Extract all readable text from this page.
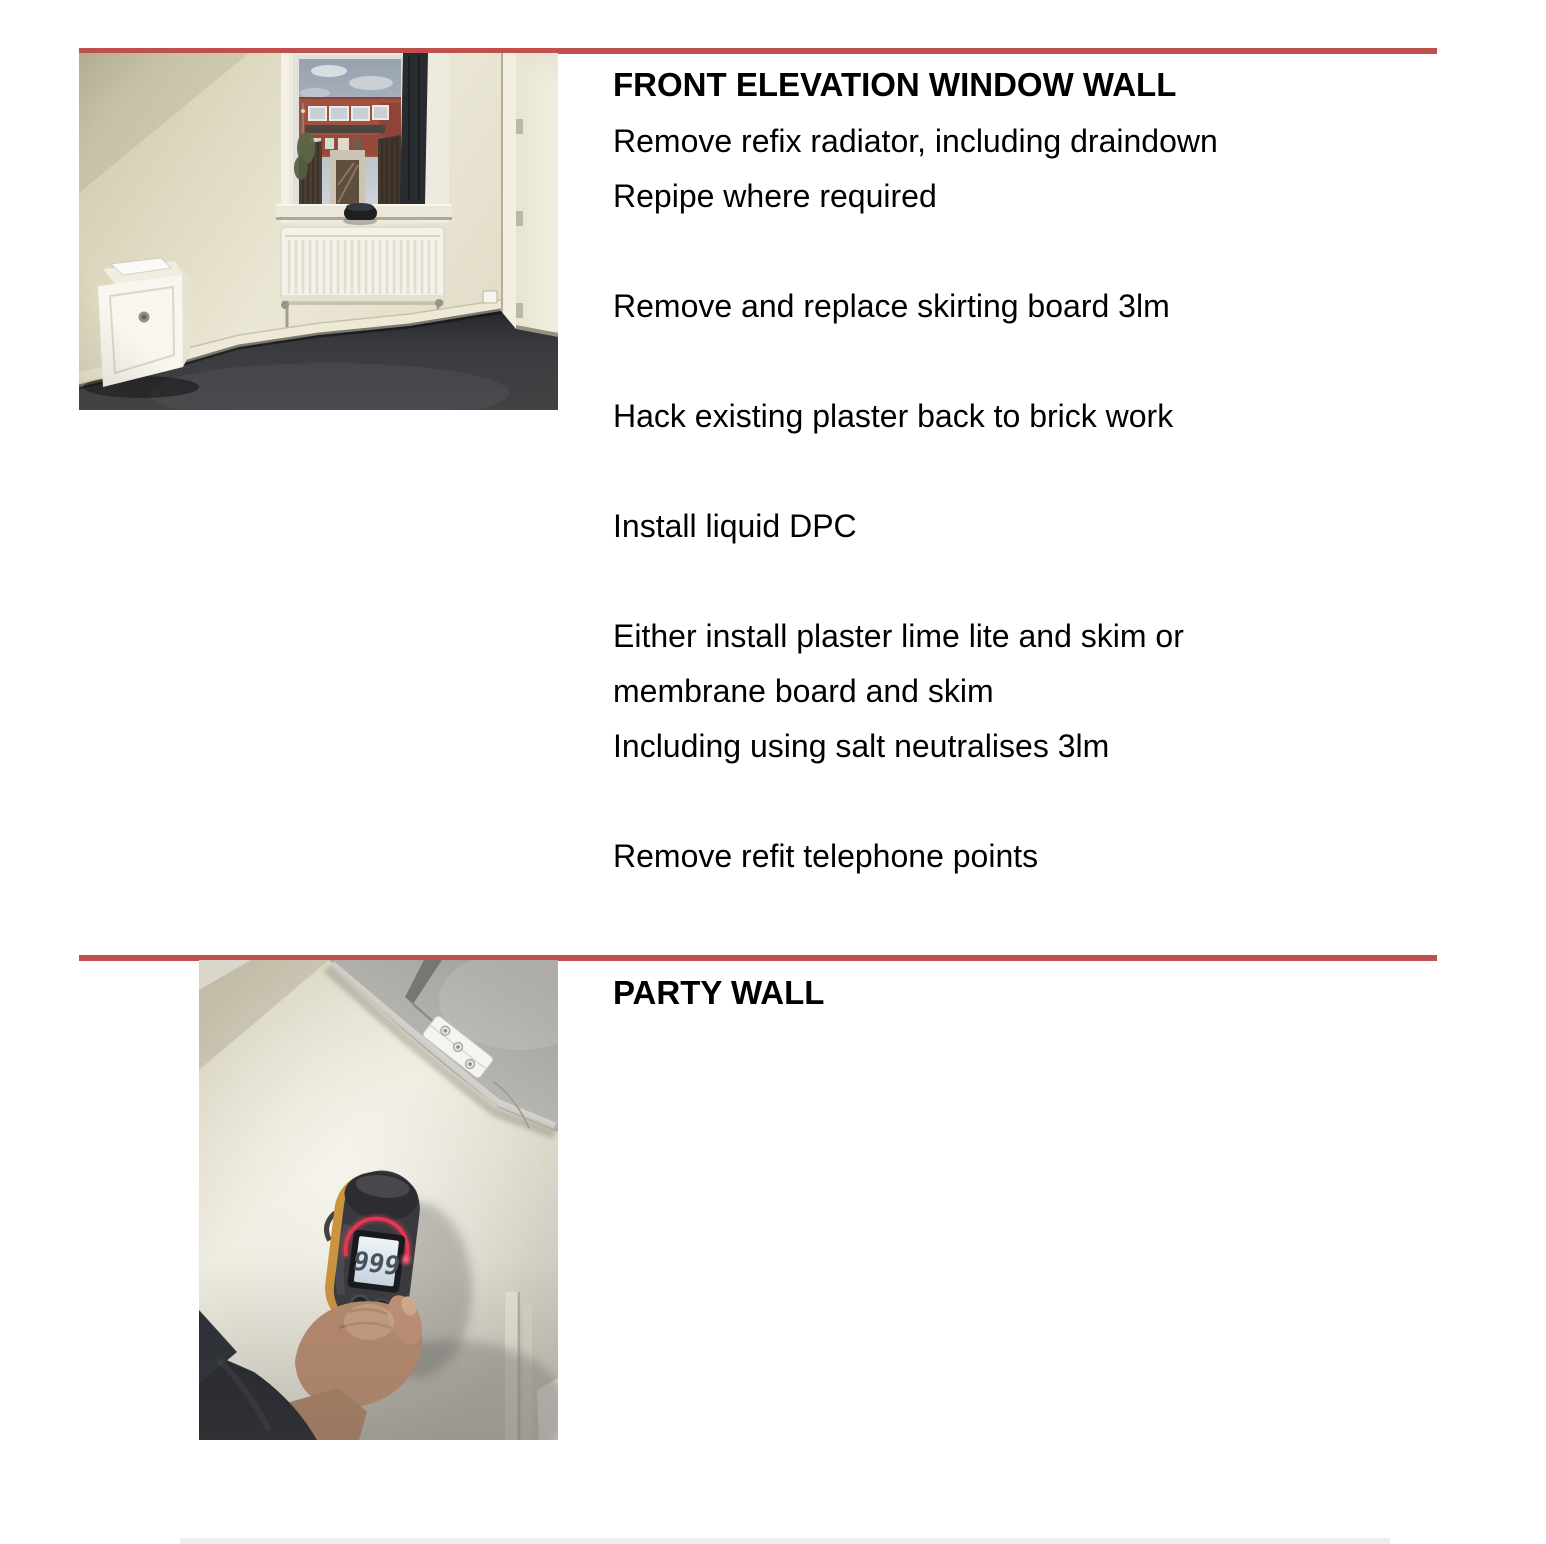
FRONT ELEVATION WINDOW WALL
Remove refix radiator, including draindown
Repipe where required
Remove and replace skirting board 3lm
Hack existing plaster back to brick work
Install liquid DPC
Either install plaster lime lite and skim or
membrane board and skim
Including using salt neutralises 3lm
Remove refit telephone points
PARTY WALL
